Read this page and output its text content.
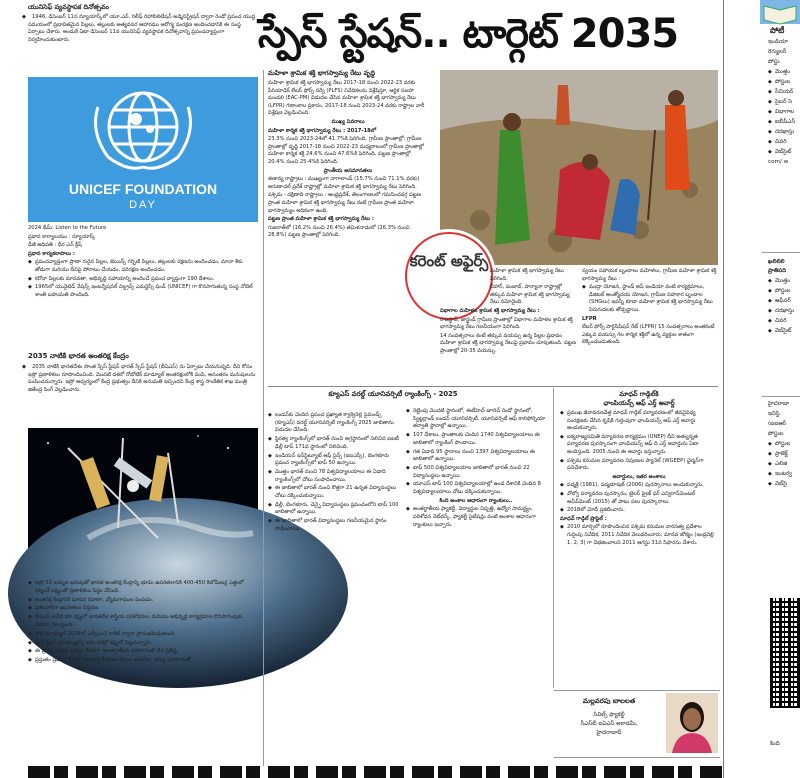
స్పేస్ స్టేషన్.. టార్గెట్ 2035
యునిసెఫ్ వ్యవస్థాపక దినోత్సవం
◆ 1946, డిసెంబర్ 11న న్యూయార్క్‌లో యూ.ఎన్. రిలీఫ్ రిహాబిలిటేషన్ అడ్మినిస్ట్రేషన్ ద్వారా రెండో ప్రపంచ యుద్ధ సమయంలో ప్రభావితమైన పిల్లలు, తల్లులకు అత్యవసర ఆహారము ఆరోగ్య సంరక్షణ అందించడానికి ఈ సంస్థ ఏర్పాటు చేశారు. అందుకే ఏటా డిసెంబర్ 11న యునిసెఫ్ వ్యవస్థాపక దినోత్సవాన్ని ప్రపంచవ్యాప్తంగా నిర్వహించుకుంటారు.
UNICEF FOUNDATION
DAY

2024 థీమ్: Listen to the Future

ప్రధాన కార్యాలయం : న్యూయార్క్

డీజీ అధిపతి : ధీర ఎన్ క్రీష్

ప్రధాన కార్యకలాపాలు :

◆ ప్రపంచవ్యాప్తంగా ప్రాణా గురైన పిల్లల, జెయిన్స్ గర్భిణి పిల్లలు, తల్లులకు రక్షణను అందించడం, మానా శీకు తోడుగా మరియు దీనిపై పోరాటం చేయడం, పరిరక్షణ అందించడం.
◆ కరోనా పిల్లలకు మానవతా, అభివృద్ధి సహాయాన్ని అందించే ప్రపంచ వ్యాప్తంగా 190 దేశాలు.
◆ 1965లో యునైటెడ్ నేషన్స్ ఇంటర్నేషనల్ చిల్డ్రన్స్ ఎమర్జెన్సీ ఫండ్ (UNICEF) గా కొనసాగుతున్న సంస్థ నోబెల్ శాంతి బహుమతి పొందింది.
2035 నాటికి భారత అంతరిక్ష కేంద్రం
◆ 2035 నాటికి భారతదేశం సొంత స్పేస్ స్టేషన్ భారత్ స్పేస్ స్టేషన్ (బీఏఎస్) ను ఏర్పాటు చేయనున్నది. దీని కోసం ఇస్రో ప్రణాళికలు రూపొందించింది. మొదటి దశలో రోబోటిక్ మాడ్యూల్ అంతరిక్షంలోకి పంపి, అనంతరం మనుషులను పంపించనున్నారు. ఇస్రో ఆధ్వర్యంలో కేంద్ర ప్రభుత్వం దీనికి అనుమతి ఇచ్చిందని కేంద్ర శాస్త్ర సాంకేతిక శాఖ మంత్రి జితేంద్ర సింగ్ వెల్లడించారు.
◆ ఇస్రో 52 టన్నుల బరువుతో భారత అంతరిక్ష కేంద్రాన్ని భూమి ఉపరితలానికి 400-450 కిలోమీటర్ల ఎత్తులో నిర్మించే లక్ష్యంతో ప్రణాళికలు సిద్ధం చేసింది.
◆ అంతరిక్ష కేంద్రానికి మానవ రవాణా, వ్యోమగాముల పంపడం.
◆ దశలవారీగా ఉపరితలం విస్తరణ.
◆ బీఏఎస్ అనేది భూ కక్ష్యలో భారతదేశ శాస్త్రీయ పరిశోధనలు మరియు అభివృద్ధి కార్యక్రమాల కొనసాగింపుకు వేదికగా నిలుస్తుంది.
◆ తొలి మాడ్యూల్ 2028లో ఎల్వీఎం3 రాకెట్ ద్వారా ప్రారంభమవుతుంది.
◆ స్పేస్ స్టేషన్ మాడ్యూళ్లన్నీ ఐదు దశల్లో కక్ష్యలో పెట్టనున్నారు.
◆ ఈ ప్రాజెక్ట్ ఇస్రోకు ప్రత్యేక వేదికగా, అంతర్జాతీయ సహకారంతో దేశ ప్రతిష్ట.
◆ ప్రస్తుతం ప్రపంచ దేశాల్లో అంతరిక్ష కేంద్రాలు కేవలం అమెరికా, రష్యా సహకారంతో.
మహిళా శ్రామిక శక్తి భాగస్వామ్య రేటు వృద్ధి

మహిళా శ్రామిక శక్తి భాగస్వామ్య రేటు 2017-18 నుంచి 2022-23 వరకు పీరియాడిక్ లేబర్ ఫోర్స్ సర్వే (PLFS) నివేదికలను విశ్లేషిస్తూ, ఆర్థిక సలహా మండలి (EAC-PM) విడుదల చేసిన మహిళా శ్రామిక శక్తి భాగస్వామ్య రేటు (LFPR) గణాంకాల ప్రకారం, 2017-18 నుంచి 2023-24 వరకు రాష్ట్రాల వారీ విశ్లేషణ వెల్లడించింది.

ముఖ్య వివరాలు

మహిళా కార్మిక శక్తి భాగస్వామ్య రేటు : 2017-18లో

23.3% నుంచి 2023-24లో 41.7%కి పెరిగింది. గ్రామీణ ప్రాంతాల్లో: గ్రామీణ ప్రాంతాల్లో వృద్ధి 2017-18 నుంచి 2022-23 మధ్యకాలంలో గ్రామీణ ప్రాంతాల్లో మహిళా కార్మిక శక్తి 24.6% నుంచి 47.6%కి పెరిగింది, పట్టణ ప్రాంతాల్లో 20.4% నుంచి 25.4%కి పెరిగింది.

ప్రాంతీయ అసమానతలు

ఈశాన్య రాష్ట్రాలు : ముఖ్యంగా నాగాలాండ్ (15.7% నుంచి 71.1% వరకు) అరుణాచల్ ప్రదేశ్ రాష్ట్రాల్లో మహిళా శ్రామిక శక్తి భాగస్వామ్య రేటు పెరిగింది.

పశ్చిమ - దక్షిణాది రాష్ట్రాలు : ఆంధ్రప్రదేశ్, తెలంగాణలలో గమనించదగ్గ పట్టణ ప్రాంత మహిళా శ్రామిక శక్తి భాగస్వామ్య రేటు కంటే గ్రామీణ ప్రాంత మహిళా భాగస్వామ్యం అధికంగా ఉంది.

పట్టణ ప్రాంత మహిళా శ్రామిక శక్తి భాగస్వామ్య రేటు :

గుజరాత్‌లో (16.2% నుంచి 26.4%) తమిళనాడులో (26.3% నుంచి 28.8%) పట్టణ ప్రాంతాల్లో పెరిగింది.

కరెంట్ అఫైర్స్

మహిళా శ్రామిక శక్తి భాగస్వామ్య రేటు పెరిగింది.

బీహార్, పంజాబ్, హర్యానా రాష్ట్రాల్లో తక్కువ మహిళా శ్రామిక శక్తి భాగస్వామ్య రేటు నమోదైంది.

విభాగాల మహిళల శ్రామిక శక్తి భాగస్వామ్య రేటు :

రాజస్థాన్, జార్ఖండ్ గ్రామీణ ప్రాంతాల్లో విభాగాల మహిళల శ్రామిక శక్తి భాగస్వామ్య రేటు గణనీయంగా పెరిగింది.

14 సంవత్సరాలు కంటే తక్కువ వయస్సు ఉన్న పిల్లల ప్రభావం మహిళా శ్రామిక శక్తి భాగస్వామ్య రేటుపై ప్రభావం చూపుతుంది. పట్టణ ప్రాంతాల్లో 20-35 వయస్సు.

స్వయం సహాయక బృందాలు మహిళలు, గ్రామీణ మహిళా శ్రామిక శక్తి భాగస్వామ్య రేటు :

◆ ముద్రా యోజన, స్టాండ్ అప్ ఇండియా వంటి కార్యక్రమాలు, డిజిటల్ అంత్యోదయ యోజన, గ్రామీణ సహకార బృందాల (SHGలు) ఇవన్నీ కూడా మహిళా శ్రామిక శక్తి భాగస్వామ్య రేటు పెరుగుదలకు తోడ్పడ్డాయి.

LFPR

లేబర్ ఫోర్స్ పార్టిసిపేషన్ రేట్ (LFPR) 15 సంవత్సరాలు అంతకంటే ఎక్కువ వయస్సు గల కార్మిక శక్తిలో ఉన్న వ్యక్తుల శాతంగా లెక్కించబడుతుంది.

క్యూఎస్ వరల్డ్ యూనివర్సిటీ ర్యాంకింగ్స్ - 2025
◆ లండన్‌కు చెందిన ప్రపంచ ప్రఖ్యాత క్వాక్వెరెల్లి సైమండ్స్ (క్యూఎస్) వరల్డ్ యూనివర్సిటీ ర్యాంకింగ్స్ 2025 జాబితాను విడుదల చేసింది.
◆ స్థిరత్వ ర్యాంకింగ్స్‌లో భారత్ నుంచి అగ్రస్థానంలో నిలిచిన ఐఐటీ ఢిల్లీ టాప్ 171వ స్థానంలో నిలిచింది.
◆ ఇండియన్ ఇన్‌స్టిట్యూట్ ఆఫ్ సైన్స్ (ఐఐఎస్సీ), బెంగళూరు ప్రపంచ ర్యాంకింగ్స్‌లో టాప్ 50 ఉన్నాయి.
◆ మొత్తం భారత్ నుంచి 78 విశ్వవిద్యాలయాలు ఈ ఏడాది ర్యాంకింగ్స్‌లో చోటు సంపాదించాయి.
◆ ఈ జాబితాలో భారత్ నుంచి కొత్తగా 21 ఉన్నత విద్యాసంస్థలు చోటు దక్కించుకున్నాయి.
◆ ఢిల్లీ, బెంగళూరు, చెన్నై విద్యాసంస్థలు ప్రపంచంలోని టాప్ 100 జాబితాలో ఉన్నాయి.
◆ ఈ జాబితాలో భారత్ విద్యాసంస్థలు గణనీయమైన స్థానం సాధించాయి.
◆ రెట్టింపు మొదటి స్థానంలో, ఈటీహెచ్ జూరిచ్ రెండో స్థానంలో, స్విట్జర్లాండ్ లండన్ యూనివర్సిటీ, యూనివర్సిటీ ఆఫ్ కాలిఫోర్నియా తర్వాతి స్థానాల్లో ఉన్నాయి.
◆ 107 దేశాలు, ప్రాంతాలకు చెందిన 1740 విశ్వవిద్యాలయాలు ఈ జాబితాలో ర్యాంకింగ్ పొందాయి.
◆ గత ఏడాది 95 స్థానాలు నుంచి 1397 విశ్వవిద్యాలయాలు ఈ జాబితాలో ఉన్నాయి.
◆ టాప్ 500 విశ్వవిద్యాలయాల జాబితాలో భారత్ నుంచి 22 విద్యాసంస్థలు ఉన్నాయి.
◆ యూఎస్ టాప్ 100 విశ్వవిద్యాలయాల్లో ఉండ దేశానికి చెందిన 8 విశ్వవిద్యాలయాలు చోటు దక్కించుకున్నాయి.

కింది అంశాల ఆధారంగా ర్యాంకులు..

◆ అంతర్జాతీయ ఫ్యాకల్టీ, విద్యార్థుల నిష్పత్తి, ఉద్యోగ సామర్థ్యం, పరిశోధన నెట్‌వర్క్, ఫ్యాకల్టీ సైటేషన్లు వంటి అంశాల ఆధారంగా ర్యాంకులు ఇచ్చారు.
మాధవ్ గాడ్గిల్‌కి
ఛాంపియన్స్ ఆఫ్ ఎర్త్ అవార్డ్
◆ ప్రముఖ జీవావరణవేత్త మాధవ్ గాడ్గిల్ పర్యావరణంలో జీవవైవిధ్య సంరక్షణకు చేసిన కృషికి గుర్తింపుగా ఛాంపియన్స్ ఆఫ్ ఎర్త్ అవార్డు అందుకున్నారు.
◆ ఐక్యరాజ్యసమితి పర్యావరణ కార్యక్రమం (UNEP) దీని అత్యున్నత పర్యావరణ పురస్కారంగా ఛాంపియన్స్ ఆఫ్ ది ఎర్త్ అవార్డును ఏటా అందిస్తుంది. 2005 నుంచి ఈ అవార్డు ఇస్తున్నారు.
◆ పశ్చిమ కనుమల పర్యావరణ నిపుణుల ప్యానెల్ (WGEEP) ఛైర్మన్‌గా పనిచేశారు.

అవార్డులు, ఇతర అంశాలు

◆ పద్మశ్రీ (1981), పద్మభూషణ్ (2006) పురస్కారాలు అందుకున్నారు.
◆ వోల్వో పర్యావరణ పురస్కారం, టైలర్ ప్రైజ్ ఫర్ ఎన్విరాన్‌మెంటల్ అచీవ్‌మెంట్ (2015) తో పాటు పలు పురస్కారాలు.
◆ 2018లో మోదీ ప్రకటించారు.

మాధవ్ గాడ్గిల్ ప్రొఫైల్ :

◆ 2010 మార్చిలో రూపొందించిన పశ్చిమ కనుమల వారసత్వ ప్రదేశాల గుర్తింపు నివేదిక, 2011 నివేదిక వెలువరించారు. మానవ జోక్యం (ఇంద్రవెల్లి 1, 2, 3) గా విభజించాలని 2011 ఆగస్టు 31న సిఫారసు చేశారు.
మల్లవరపు బాలలత
సివిల్స్ ఫ్యాకల్టీ
సీఎస్‌బీ ఐఏఎస్ అకాడమీ,
హైదరాబాద్
పోటీ

ఇండియా

రెగ్యులర్

పోస్టు

◆ మొత్తం
◆ పోస్టుల
◆ సీనియర్
◆ సైబర్ సె
◆ విభాగాల
◆ ఐబీపీఎస్
◆ దరఖాస్తు
◆ చివరి
◆ వెబ్‌సైట్

com/ w

ఖలిలిలి ప్రాతిపది

◆ మొత్తం
◆ పోస్టుల
◆ ఆఫీసర్
◆ దరఖాస్తు
◆ చివరి
◆ వెబ్‌సైట్

హైదరాబా

ఇనిస్టి

(ఐఐఆర్

పోస్టుల

◆ పోస్టుల
◆ ప్రాజెక్ట్
◆ ఎలిజి
◆ ఇంటర్వ
◆ వెబ్‌సై
కింది
